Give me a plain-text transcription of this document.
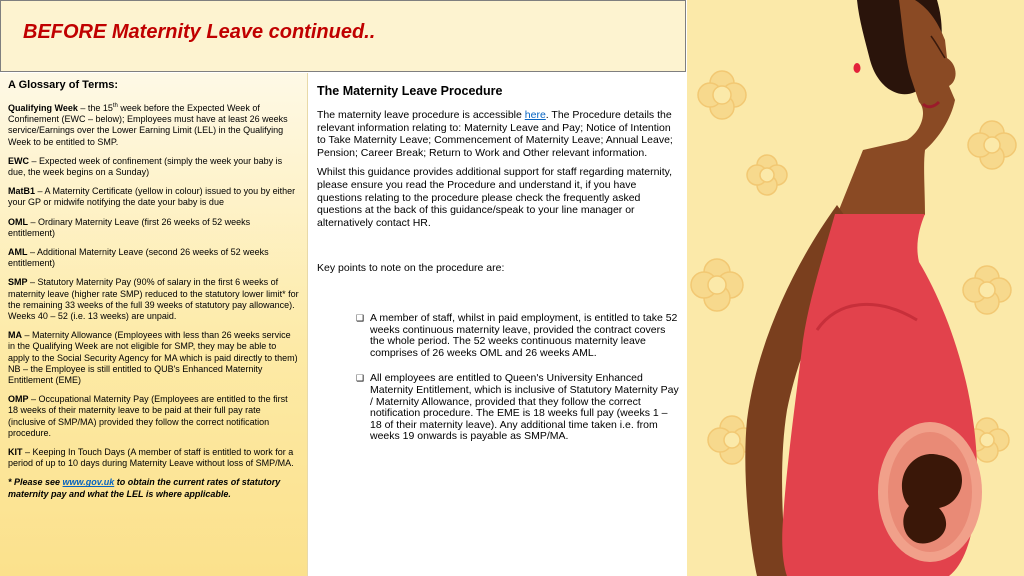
BEFORE Maternity Leave continued..
A Glossary of Terms:

Qualifying Week – the 15th week before the Expected Week of Confinement (EWC – below); Employees must have at least 26 weeks service/Earnings over the Lower Earning Limit (LEL) in the Qualifying Week to be entitled to SMP.

EWC – Expected week of confinement (simply the week your baby is due, the week begins on a Sunday)

MatB1 – A Maternity Certificate (yellow in colour) issued to you by either your GP or midwife notifying the date your baby is due

OML – Ordinary Maternity Leave (first 26 weeks of 52 weeks entitlement)

AML – Additional Maternity Leave (second 26 weeks of 52 weeks entitlement)

SMP – Statutory Maternity Pay (90% of salary in the first 6 weeks of maternity leave (higher rate SMP) reduced to the statutory lower limit* for the remaining 33 weeks of the full 39 weeks of statutory pay allowance). Weeks 40 – 52 (i.e. 13 weeks) are unpaid.

MA – Maternity Allowance (Employees with less than 26 weeks service in the Qualifying Week are not eligible for SMP, they may be able to apply to the Social Security Agency for MA which is paid directly to them) NB – the Employee is still entitled to QUB's Enhanced Maternity Entitlement (EME)

OMP – Occupational Maternity Pay (Employees are entitled to the first 18 weeks of their maternity leave to be paid at their full pay rate (inclusive of SMP/MA) provided they follow the correct notification procedure.

KIT – Keeping In Touch Days (A member of staff is entitled to work for a period of up to 10 days during Maternity Leave without loss of SMP/MA.

* Please see www.gov.uk to obtain the current rates of statutory maternity pay and what the LEL is where applicable.

The Maternity Leave Procedure

The maternity leave procedure is accessible here. The Procedure details the relevant information relating to: Maternity Leave and Pay; Notice of Intention to Take Maternity Leave; Commencement of Maternity Leave; Annual Leave; Pension; Career Break; Return to Work and Other relevant information.

Whilst this guidance provides additional support for staff regarding maternity, please ensure you read the Procedure and understand it, if you have questions relating to the procedure please check the frequently asked questions at the back of this guidance/speak to your line manager or alternatively contact HR.

Key points to note on the procedure are:

❑ A member of staff, whilst in paid employment, is entitled to take 52 weeks continuous maternity leave, provided the contract covers the whole period. The 52 weeks continuous maternity leave comprises of 26 weeks OML and 26 weeks AML.
❑ All employees are entitled to Queen's University Enhanced Maternity Entitlement, which is inclusive of Statutory Maternity Pay / Maternity Allowance, provided that they follow the correct notification procedure. The EME is 18 weeks full pay (weeks 1 – 18 of their maternity leave). Any additional time taken i.e. from weeks 19 onwards is payable as SMP/MA.
